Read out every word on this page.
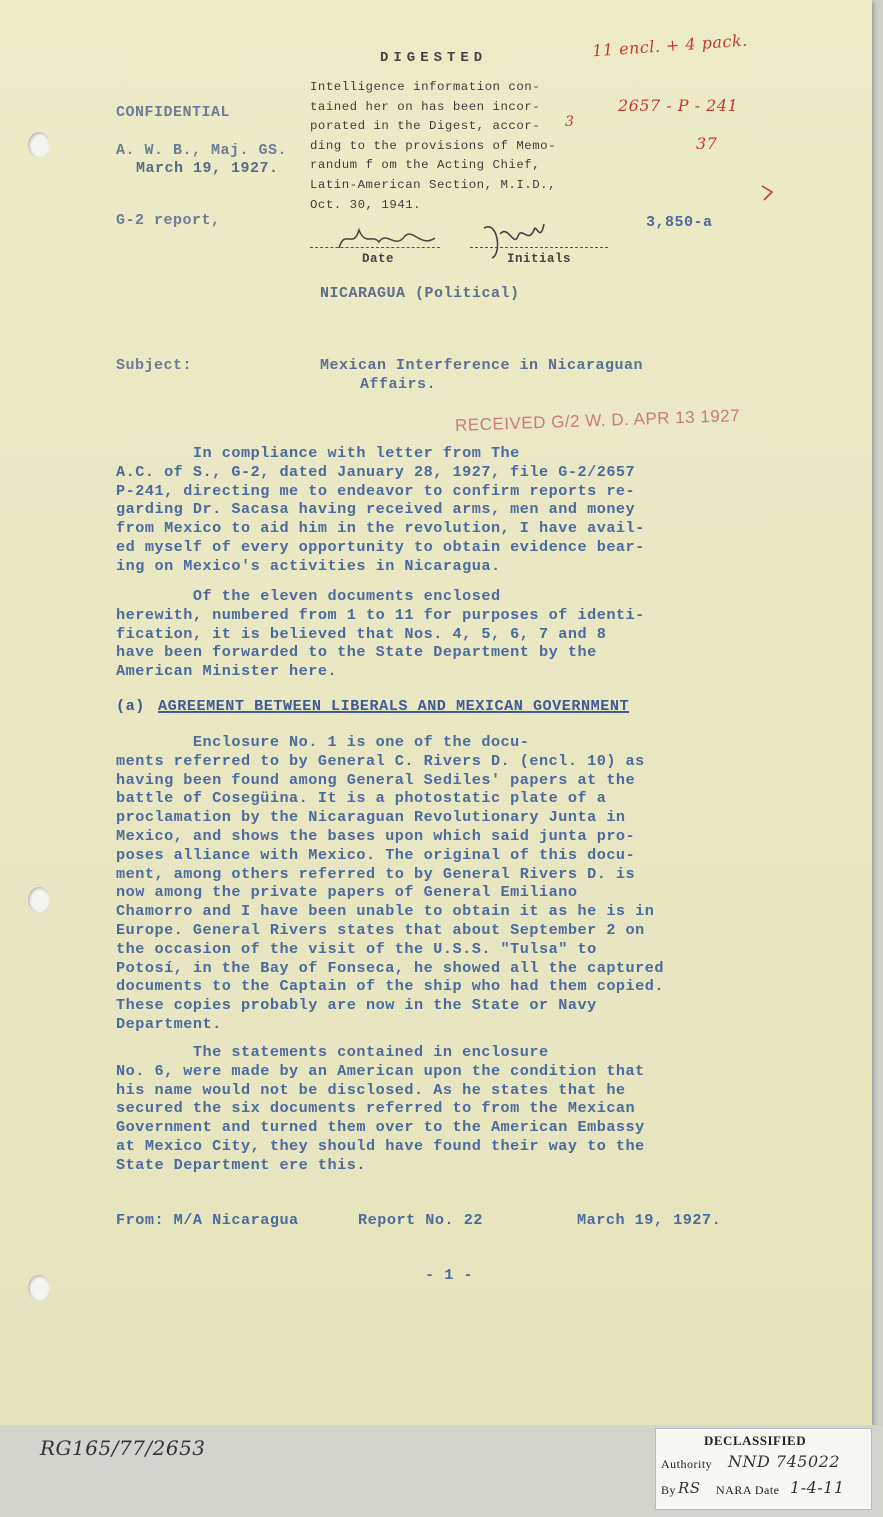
DIGESTED
Intelligence information con-
tained her on has been incor-
porated in the Digest, accor-
ding to the provisions of Memo-
randum f om the Acting Chief,
Latin-American Section, M.I.D.,
Oct. 30, 1941.
11 encl. + 4 pack.
2657 - P - 241
37
3
CONFIDENTIAL
A. W. B., Maj. GS.
March 19, 1927.
G-2 report,	3,850-a
Date	Initials
NICARAGUA (Political)
Subject:	Mexican Interference in Nicaraguan
Affairs.
RECEIVED G/2 W. D. APR 13 1927
In compliance with letter from The
A.C. of S., G-2, dated January 28, 1927, file G-2/2657
P-241, directing me to endeavor to confirm reports re-
garding Dr. Sacasa having received arms, men and money
from Mexico to aid him in the revolution, I have avail-
ed myself of every opportunity to obtain evidence bear-
ing on Mexico's activities in Nicaragua.
Of the eleven documents enclosed
herewith, numbered from 1 to 11 for purposes of identi-
fication, it is believed that Nos. 4, 5, 6, 7 and 8
have been forwarded to the State Department by the
American Minister here.
(a) AGREEMENT BETWEEN LIBERALS AND MEXICAN GOVERNMENT
Enclosure No. 1 is one of the docu-
ments referred to by General C. Rivers D. (encl. 10) as
having been found among General Sediles' papers at the
battle of Cosegüina. It is a photostatic plate of a
proclamation by the Nicaraguan Revolutionary Junta in
Mexico, and shows the bases upon which said junta pro-
poses alliance with Mexico. The original of this docu-
ment, among others referred to by General Rivers D. is
now among the private papers of General Emiliano
Chamorro and I have been unable to obtain it as he is in
Europe. General Rivers states that about September 2 on
the occasion of the visit of the U.S.S. "Tulsa" to
Potosí, in the Bay of Fonseca, he showed all the captured
documents to the Captain of the ship who had them copied.
These copies probably are now in the State or Navy
Department.
The statements contained in enclosure
No. 6, were made by an American upon the condition that
his name would not be disclosed. As he states that he
secured the six documents referred to from the Mexican
Government and turned them over to the American Embassy
at Mexico City, they should have found their way to the
State Department ere this.
From: M/A Nicaragua	Report No. 22	March 19, 1927.
- 1 -
RG165/77/2653	DECLASSIFIED
Authority NND 745022
By RS NARA Date 1-4-11
